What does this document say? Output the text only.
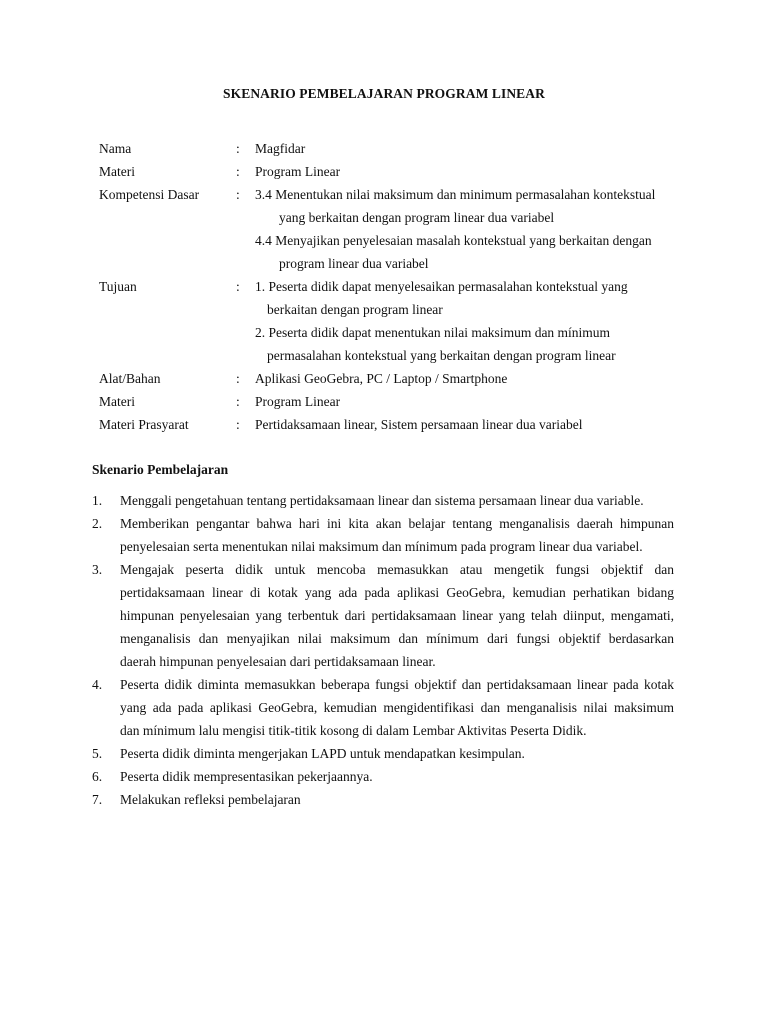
SKENARIO PEMBELAJARAN PROGRAM LINEAR
Nama	:	Magfidar
Materi	:	Program Linear
Kompetensi Dasar	:	3.4 Menentukan nilai maksimum dan minimum permasalahan kontekstual
yang berkaitan dengan program linear dua variabel
4.4 Menyajikan penyelesaian masalah kontekstual yang berkaitan dengan
program linear dua variabel
Tujuan	:	1. Peserta didik dapat menyelesaikan permasalahan kontekstual yang
berkaitan dengan program linear
2. Peserta didik dapat menentukan nilai maksimum dan mínimum
permasalahan kontekstual yang berkaitan dengan program linear
Alat/Bahan	:	Aplikasi GeoGebra, PC / Laptop / Smartphone
Materi	:	Program Linear
Materi Prasyarat	:	Pertidaksamaan linear, Sistem persamaan linear dua variabel
Skenario Pembelajaran
1.	Menggali pengetahuan tentang pertidaksamaan linear dan sistema persamaan linear dua variable.
2.	Memberikan pengantar bahwa hari ini kita akan belajar tentang menganalisis daerah himpunan
penyelesaian serta menentukan nilai maksimum dan mínimum pada program linear dua variabel.
3.	Mengajak peserta didik untuk mencoba memasukkan atau mengetik fungsi objektif dan
pertidaksamaan linear di kotak yang ada pada aplikasi GeoGebra, kemudian perhatikan bidang
himpunan penyelesaian yang terbentuk dari pertidaksamaan linear yang telah diinput, mengamati,
menganalisis dan menyajikan nilai maksimum dan mínimum dari fungsi objektif berdasarkan
daerah himpunan penyelesaian dari pertidaksamaan linear.
4.	Peserta didik diminta memasukkan beberapa fungsi objektif dan pertidaksamaan linear pada kotak
yang ada pada aplikasi GeoGebra, kemudian mengidentifikasi dan menganalisis nilai maksimum
dan mínimum lalu mengisi titik-titik kosong di dalam Lembar Aktivitas Peserta Didik.
5.	Peserta didik diminta mengerjakan LAPD untuk mendapatkan kesimpulan.
6.	Peserta didik mempresentasikan pekerjaannya.
7.	Melakukan refleksi pembelajaran
